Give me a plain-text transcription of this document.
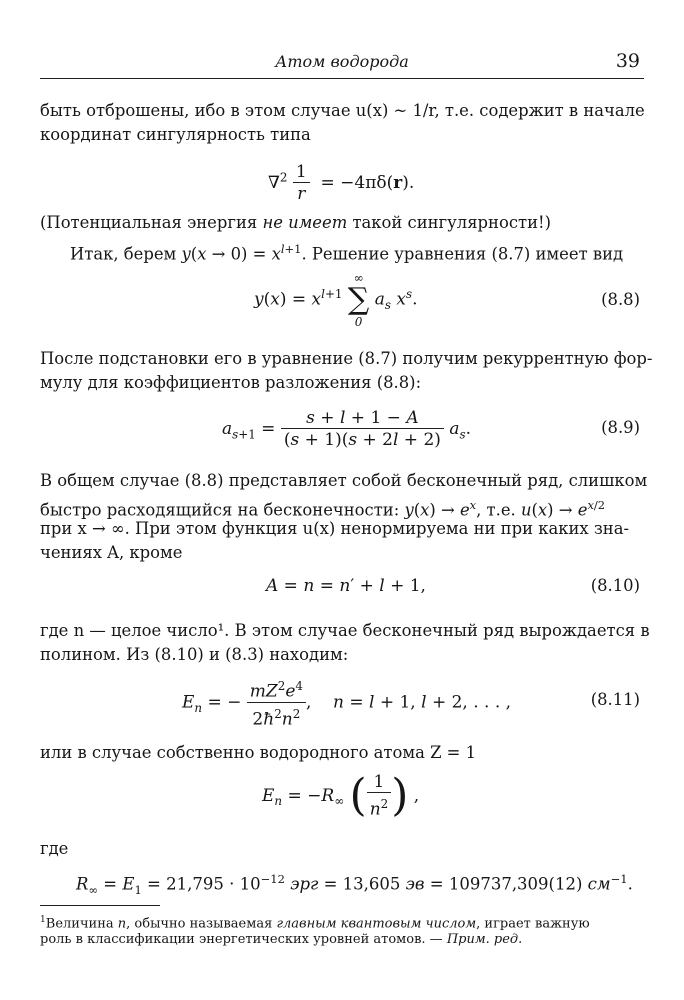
Атом водорода	39
быть отброшены, ибо в этом случае u(x) ~ 1/r, т.е. содержит в начале
координат сингулярность типа
$\nabla^2 \frac{1}{r} = -4\pi\delta(r)$.
(Потенциальная энергия не имеет такой сингулярности!)
Итак, берем $y(x \to 0) = x^{l+1}$. Решение уравнения (8.7) имеет вид
$y(x) = x^{l+1}$
∞
∑
0
$a_s$ $x^s$.	(8.8)
После подстановки его в уравнение (8.7) получим рекуррентную фор-
мулу для коэффициентов разложения (8.8):
$a_{s+1} = \frac{s + l + 1 - A}{(s + 1)(s + 2l + 2)} a_s$.	(8.9)
В общем случае (8.8) представляет собой бесконечный ряд, слишком
быстро расходящийся на бесконечности: $y(x) \to e^x$, т.е. $u(x) \to e^{x/2}$
при x → ∞. При этом функция u(x) ненормируема ни при каких зна-
чениях A, кроме
A = n = n′ + l + 1,	(8.10)
где n — целое число¹. В этом случае бесконечный ряд вырождается в
полином. Из (8.10) и (8.3) находим:
$E_n$ = − $\frac{mZ^2e^4}{2ħ^2n^2}$ ,    n = l + 1, l + 2, . . . ,	(8.11)
или в случае собственно водородного атома Z = 1
$E_n = -R_\infty$ ( $\frac{1}{n^2}$ ) ,
где
$R_\infty = E_1 = 21,795 \cdot 10^{-12}$ эрг = 13,605 эв = 109737,309(12) $см^{-1}$.
$^1$Величина n, обычно называемая главным квантовым числом, играет важную
роль в классификации энергетических уровней атомов. — Прим. ред.
